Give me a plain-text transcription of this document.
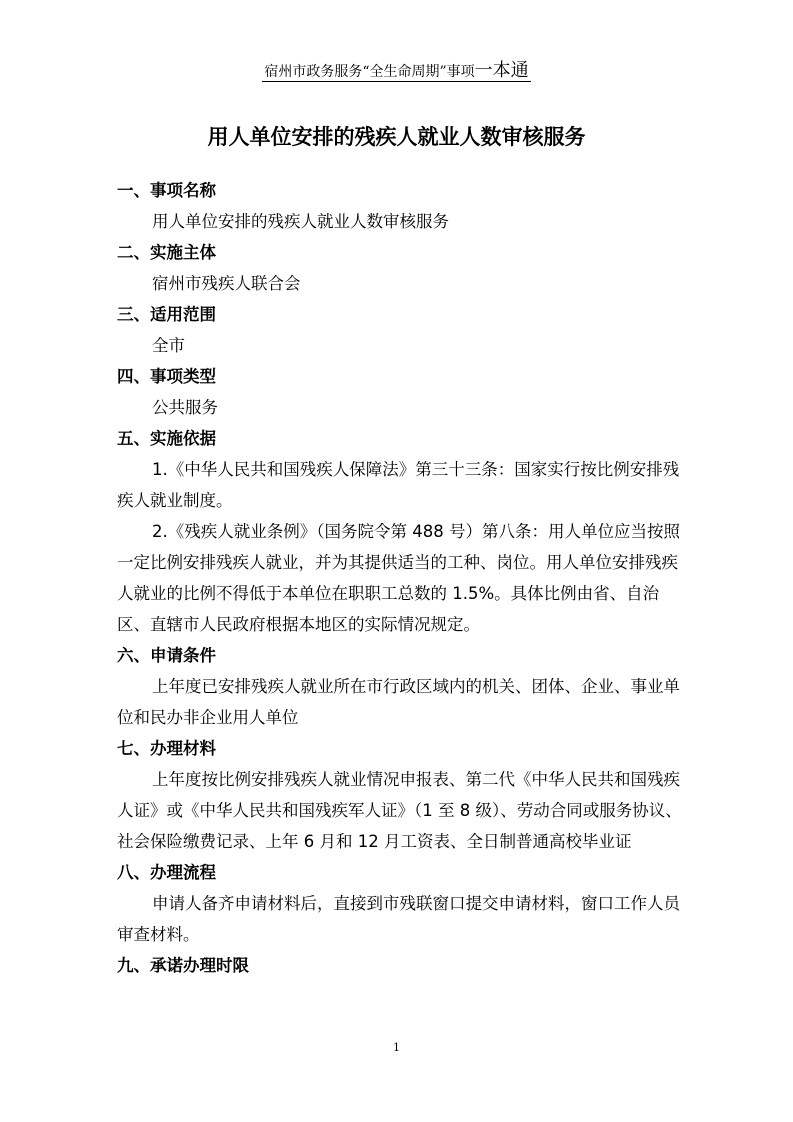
宿州市政务服务“全生命周期”事项一本通
用人单位安排的残疾人就业人数审核服务

一、事项名称

用人单位安排的残疾人就业人数审核服务

二、实施主体

宿州市残疾人联合会

三、适用范围

全市

四、事项类型

公共服务

五、实施依据

1.《中华人民共和国残疾人保障法》第三十三条：国家实行按比例安排残疾人就业制度。

2.《残疾人就业条例》（国务院令第 488 号）第八条：用人单位应当按照一定比例安排残疾人就业，并为其提供适当的工种、岗位。用人单位安排残疾人就业的比例不得低于本单位在职职工总数的 1.5%。具体比例由省、自治区、直辖市人民政府根据本地区的实际情况规定。

六、申请条件

上年度已安排残疾人就业所在市行政区域内的机关、团体、企业、事业单位和民办非企业用人单位

七、办理材料

上年度按比例安排残疾人就业情况申报表、第二代《中华人民共和国残疾人证》或《中华人民共和国残疾军人证》（1 至 8 级）、劳动合同或服务协议、社会保险缴费记录、上年 6 月和 12 月工资表、全日制普通高校毕业证

八、办理流程

申请人备齐申请材料后，直接到市残联窗口提交申请材料，窗口工作人员审查材料。

九、承诺办理时限

1
